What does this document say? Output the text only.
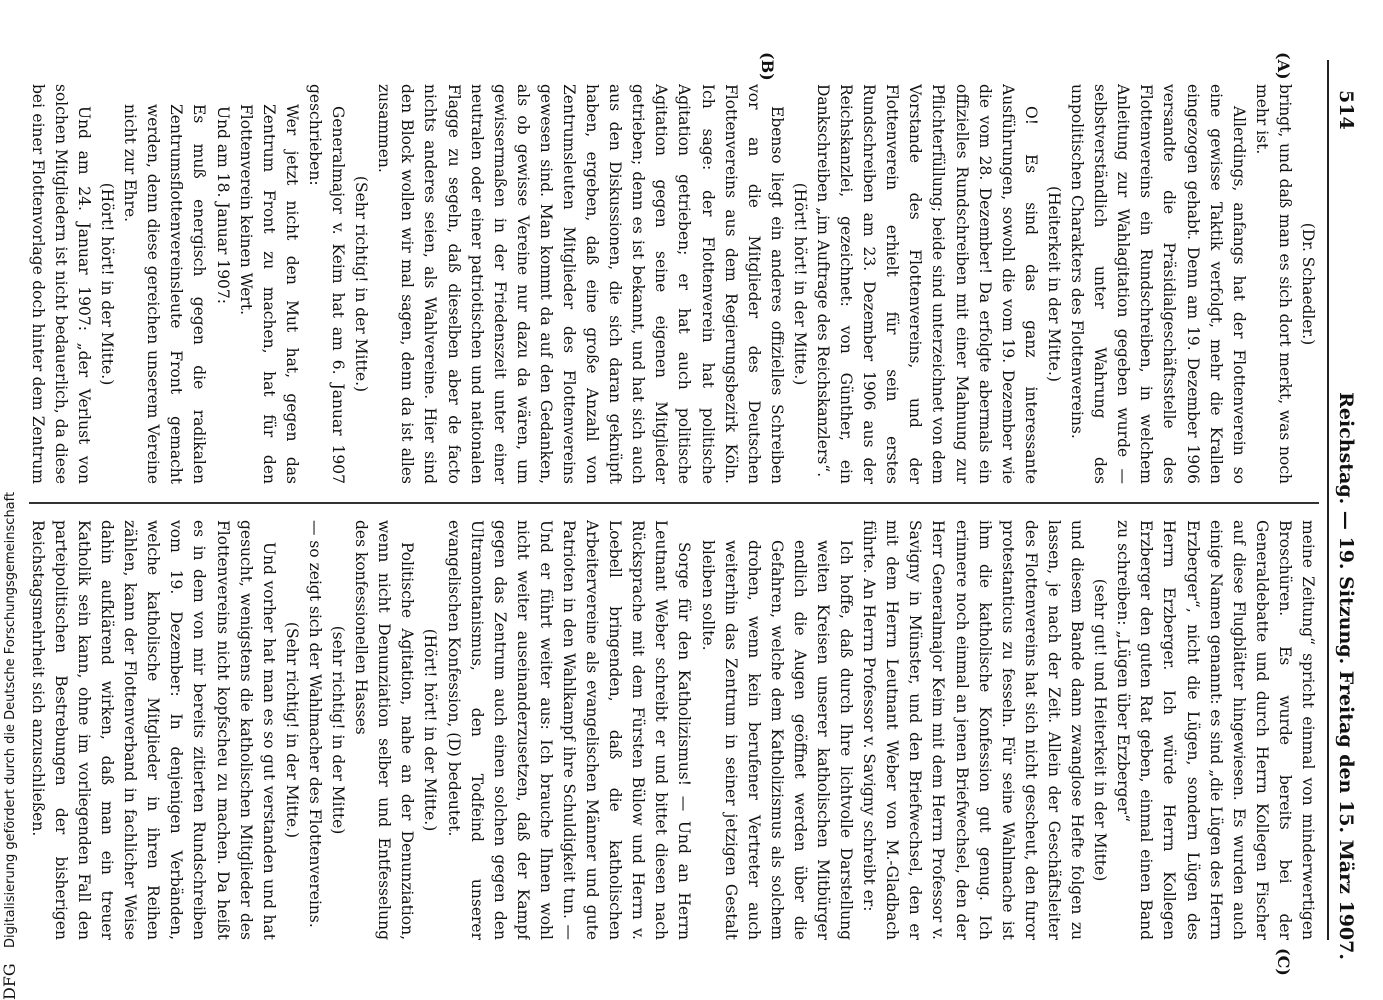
514
Reichstag. — 19. Sitzung. Freitag den 15. März 1907.
(A)
(B)
(C)

(Dr. Schaedler.)

bringt, und daß man es sich dort merkt, was noch mehr ist.

Allerdings, anfangs hat der Flottenverein so eine gewisse Taktik verfolgt, mehr die Krallen eingezogen gehabt. Denn am 19. Dezember 1906 versandte die Präsidialgeschäftsstelle des Flottenvereins ein Rundschreiben, in welchem Anleitung zur Wahlagitation gegeben wurde — selbstverständlich unter Wahrung des unpolitischen Charakters des Flottenvereins.

(Heiterkeit in der Mitte.)

O! Es sind das ganz interessante Ausführungen, sowohl die vom 19. Dezember wie die vom 28. Dezember! Da erfolgte abermals ein offizielles Rundschreiben mit einer Mahnung zur Pflichterfüllung; beide sind unterzeichnet von dem Vorstande des Flottenvereins, und der Flottenverein erhielt für sein erstes Rundschreiben am 23. Dezember 1906 aus der Reichskanzlei, gezeichnet: von Günther, ein Dankschreiben „im Auftrage des Reichskanzlers“.

(Hört! hört! in der Mitte.)

Ebenso liegt ein anderes offizielles Schreiben vor an die Mitglieder des Deutschen Flottenvereins aus dem Regierungsbezirk Köln. Ich sage: der Flottenverein hat politische Agitation getrieben; er hat auch politische Agitation gegen seine eigenen Mitglieder getrieben; denn es ist bekannt, und hat sich auch aus den Diskussionen, die sich daran geknüpft haben, ergeben, daß eine große Anzahl von Zentrumsleuten Mitglieder des Flottenvereins gewesen sind. Man kommt da auf den Gedanken, als ob gewisse Vereine nur dazu da wären, um gewissermaßen in der Friedenszeit unter einer neutralen oder einer patriotischen und nationalen Flagge zu segeln, daß dieselben aber de facto nichts anderes seien, als Wahlvereine. Hier sind den Block wollen wir mal sagen, denn da ist alles zusammen.

(Sehr richtig! in der Mitte.)

Generalmajor v. Keim hat am 6. Januar 1907 geschrieben:

Wer jetzt nicht den Mut hat, gegen das Zentrum Front zu machen, hat für den Flottenverein keinen Wert.

Und am 18. Januar 1907:

Es muß energisch gegen die radikalen Zentrumsflottenvereinsleute Front gemacht werden, denn diese gereichen unserem Vereine nicht zur Ehre.

(Hört! hört! in der Mitte.)

Und am 24. Januar 1907: „der Verlust von solchen Mitgliedern ist nicht bedauerlich, da diese bei einer Flottenvorlage doch hinter dem Zentrum

meine Zeitung“ spricht einmal von minderwertigen Broschüren. Es wurde bereits bei der Generaldebatte und durch Herrn Kollegen Fischer auf diese Flugblätter hingewiesen. Es wurden auch einige Namen genannt: es sind „die Lügen des Herrn Erzberger“, nicht die Lügen, sondern Lügen des Herrn Erzberger. Ich würde Herrn Kollegen Erzberger den guten Rat geben, einmal einen Band zu schreiben: „Lügen über Erzberger“

(sehr gut! und Heiterkeit in der Mitte)

und diesem Bande dann zwanglose Hefte folgen zu lassen, je nach der Zeit. Allein der Geschäftsleiter des Flottenvereins hat sich nicht gescheut, den furor protestanticus zu fesseln. Für seine Wahlmache ist ihm die katholische Konfession gut genug. Ich erinnere noch einmal an jenen Briefwechsel, den der Herr Generalmajor Keim mit dem Herrn Professor v. Savigny in Münster, und den Briefwechsel, den er mit dem Herrn Leutnant Weber von M.-Gladbach führte. An Herrn Professor v. Savigny schreibt er:

Ich hoffe, daß durch Ihre lichtvolle Darstellung weiten Kreisen unserer katholischen Mitbürger endlich die Augen geöffnet werden über die Gefahren, welche dem Katholizismus als solchem drohen, wenn kein berufener Vertreter auch weiterhin das Zentrum in seiner jetzigen Gestalt bleiben sollte.

Sorge für den Katholizismus! — Und an Herrn Leutnant Weber schreibt er und bittet diesen nach Rücksprache mit dem Fürsten Bülow und Herrn v. Loebell bringenden, daß die katholischen Arbeitervereine als evangelischen Männer und gute Patrioten in den Wahlkampf ihre Schuldigkeit tun. — Und er führt weiter aus: Ich brauche Ihnen wohl nicht weiter auseinanderzusetzen, daß der Kampf gegen das Zentrum auch einen solchen gegen den Ultramontanismus, den Todfeind unserer evangelischen Konfession, (D) bedeutet.

(Hört! hört! in der Mitte.)

Politische Agitation, nahe an der Denunziation, wenn nicht Denunziation selber und Entfesselung des konfessionellen Hasses

(sehr richtig! in der Mitte)

— so zeigt sich der Wahlmacher des Flottenvereins.

(Sehr richtig! in der Mitte.)

Und vorher hat man es so gut verstanden und hat gesucht, wenigstens die katholischen Mitglieder des Flottenvereins nicht kopfscheu zu machen. Da heißt es in dem von mir bereits zitierten Rundschreiben vom 19. Dezember: In denjenigen Verbänden, welche katholische Mitglieder in ihren Reihen zählen, kann der Flottenverband in fachlicher Weise dahin aufklärend wirken, daß man ein treuer Katholik sein kann, ohne im vorliegenden Fall den parteipolitischen Bestrebungen der bisherigen Reichstagsmehrheit sich anzuschließen.

DFG
Digitalisierung gefördert durch die Deutsche Forschungsgemeinschaft
